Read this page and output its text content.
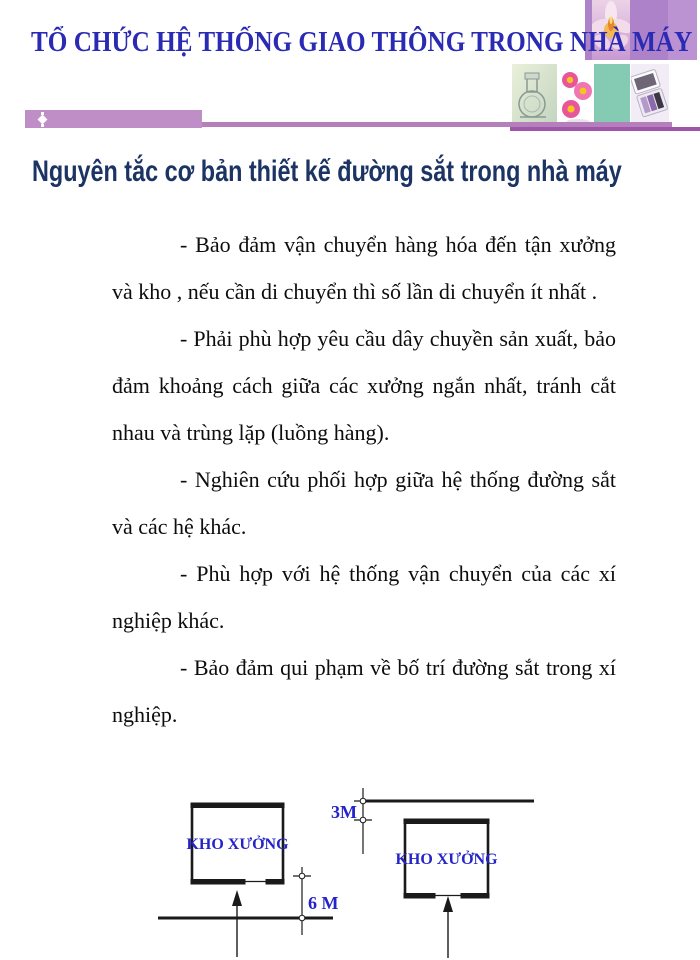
TỔ CHỨC HỆ THỐNG GIAO THÔNG TRONG NHÀ MÁY
Nguyên tắc cơ bản thiết kế đường sắt trong nhà máy

- Bảo đảm vận chuyển hàng hóa đến tận xưởng và kho , nếu cần di chuyển thì số lần di chuyển ít nhất .

- Phải phù hợp yêu cầu dây chuyền sản xuất, bảo đảm khoảng cách giữa các xưởng ngắn nhất, tránh cắt nhau và trùng lặp (luồng hàng).

- Nghiên cứu phối hợp giữa hệ thống đường sắt và các hệ khác.

- Phù hợp với hệ thống vận chuyển của các xí nghiệp khác.

- Bảo đảm qui phạm về bố trí đường sắt trong xí nghiệp.

KHO XƯỞNG
6 M
3M
KHO XƯỞNG
